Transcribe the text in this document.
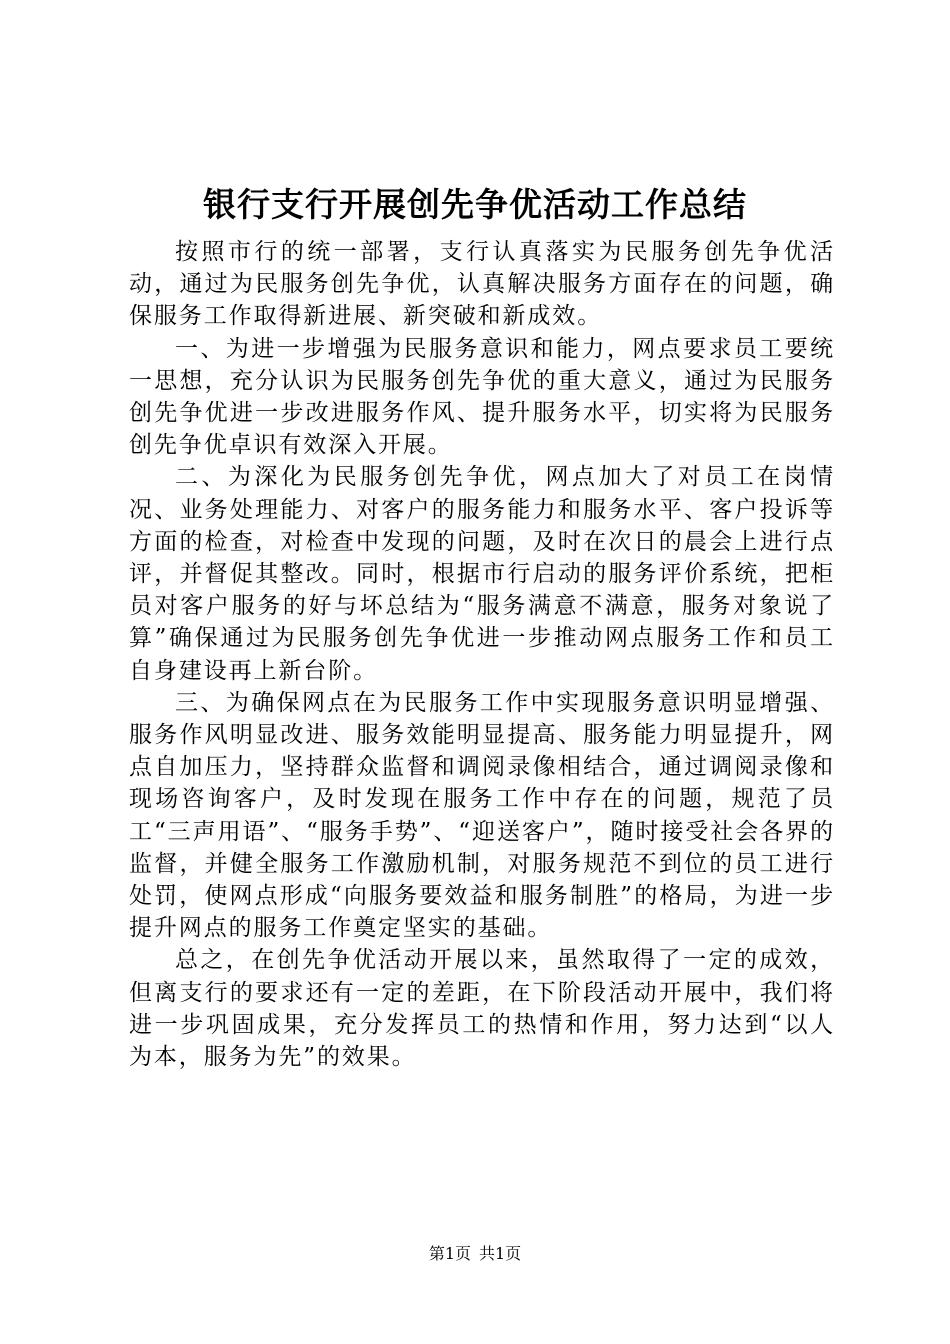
银行支行开展创先争优活动工作总结

按照市行的统一部署，支行认真落实为民服务创先争优活动，通过为民服务创先争优，认真解决服务方面存在的问题，确保服务工作取得新进展、新突破和新成效。

一、为进一步增强为民服务意识和能力，网点要求员工要统一思想，充分认识为民服务创先争优的重大意义，通过为民服务创先争优进一步改进服务作风、提升服务水平，切实将为民服务创先争优卓识有效深入开展。

二、为深化为民服务创先争优，网点加大了对员工在岗情况、业务处理能力、对客户的服务能力和服务水平、客户投诉等方面的检查，对检查中发现的问题，及时在次日的晨会上进行点评，并督促其整改。同时，根据市行启动的服务评价系统，把柜员对客户服务的好与坏总结为“服务满意不满意，服务对象说了算”确保通过为民服务创先争优进一步推动网点服务工作和员工自身建设再上新台阶。

三、为确保网点在为民服务工作中实现服务意识明显增强、服务作风明显改进、服务效能明显提高、服务能力明显提升，网点自加压力，坚持群众监督和调阅录像相结合，通过调阅录像和现场咨询客户，及时发现在服务工作中存在的问题，规范了员工“三声用语”、“服务手势”、“迎送客户”，随时接受社会各界的监督，并健全服务工作激励机制，对服务规范不到位的员工进行处罚，使网点形成“向服务要效益和服务制胜”的格局，为进一步提升网点的服务工作奠定坚实的基础。

总之，在创先争优活动开展以来，虽然取得了一定的成效，但离支行的要求还有一定的差距，在下阶段活动开展中，我们将进一步巩固成果，充分发挥员工的热情和作用，努力达到“以人为本，服务为先”的效果。

第1页 共1页
